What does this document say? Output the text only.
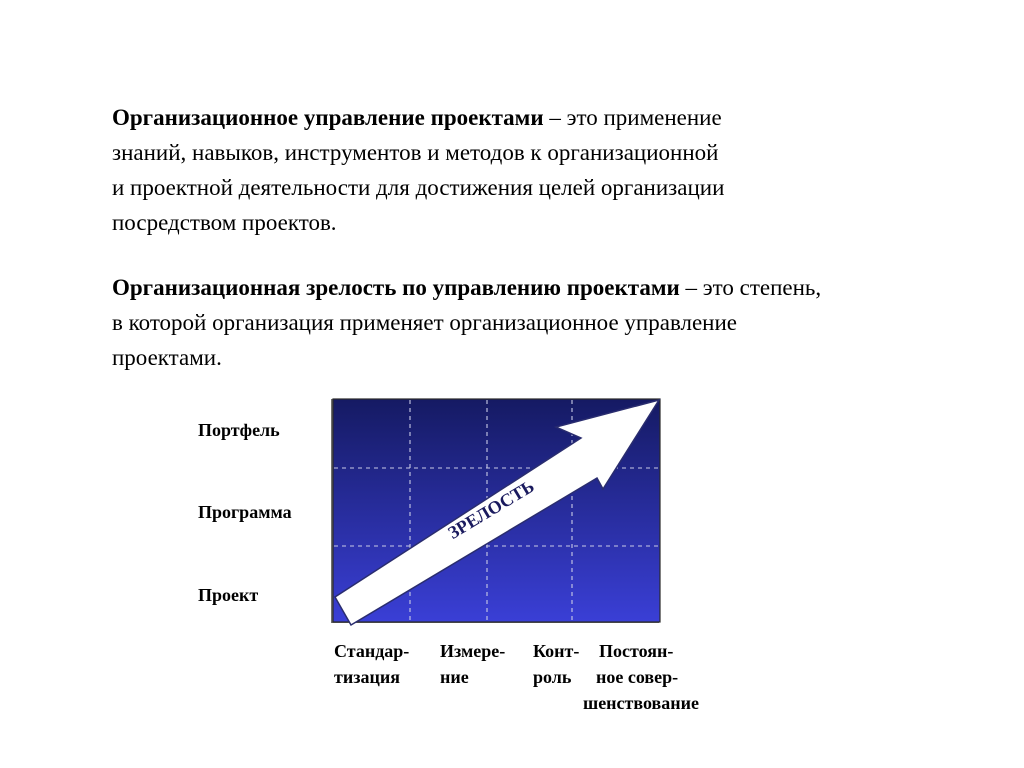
Организационное управление проектами – это применение
знаний, навыков, инструментов и методов к организационной
и проектной деятельности для достижения целей организации
посредством проектов.

Организационная зрелость по управлению проектами – это степень,
в которой организация применяет организационное управление
проектами.

Портфель
Программа
Проект
ЗРЕЛОСТЬ
Стандар-
тизация
Измере-
ние
Конт-
роль
Постоян-
ное совер-
шенствование
